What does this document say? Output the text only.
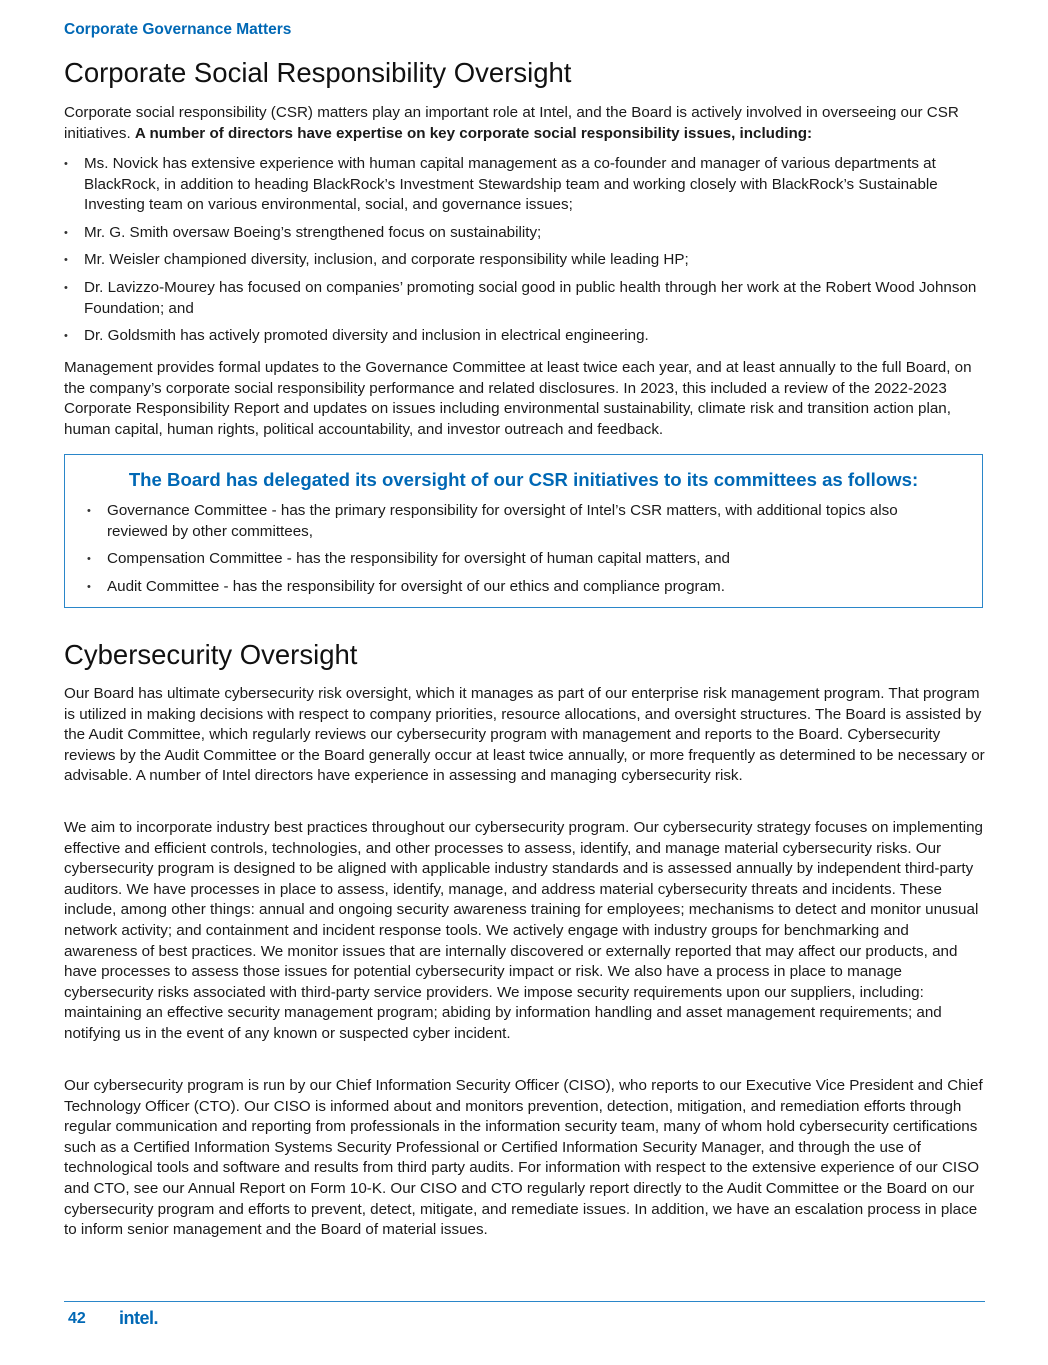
Corporate Governance Matters
Corporate Social Responsibility Oversight

Corporate social responsibility (CSR) matters play an important role at Intel, and the Board is actively involved in overseeing our CSR initiatives. A number of directors have expertise on key corporate social responsibility issues, including:

• Ms. Novick has extensive experience with human capital management as a co-founder and manager of various departments at BlackRock, in addition to heading BlackRock’s Investment Stewardship team and working closely with BlackRock’s Sustainable Investing team on various environmental, social, and governance issues;
• Mr. G. Smith oversaw Boeing’s strengthened focus on sustainability;
• Mr. Weisler championed diversity, inclusion, and corporate responsibility while leading HP;
• Dr. Lavizzo-Mourey has focused on companies’ promoting social good in public health through her work at the Robert Wood Johnson Foundation; and
• Dr. Goldsmith has actively promoted diversity and inclusion in electrical engineering.

Management provides formal updates to the Governance Committee at least twice each year, and at least annually to the full Board, on the company’s corporate social responsibility performance and related disclosures. In 2023, this included a review of the 2022-2023 Corporate Responsibility Report and updates on issues including environmental sustainability, climate risk and transition action plan, human capital, human rights, political accountability, and investor outreach and feedback.

The Board has delegated its oversight of our CSR initiatives to its committees as follows:

• Governance Committee - has the primary responsibility for oversight of Intel’s CSR matters, with additional topics also reviewed by other committees,
• Compensation Committee - has the responsibility for oversight of human capital matters, and
• Audit Committee - has the responsibility for oversight of our ethics and compliance program.
Cybersecurity Oversight

Our Board has ultimate cybersecurity risk oversight, which it manages as part of our enterprise risk management program. That program is utilized in making decisions with respect to company priorities, resource allocations, and oversight structures. The Board is assisted by the Audit Committee, which regularly reviews our cybersecurity program with management and reports to the Board. Cybersecurity reviews by the Audit Committee or the Board generally occur at least twice annually, or more frequently as determined to be necessary or advisable. A number of Intel directors have experience in assessing and managing cybersecurity risk.

We aim to incorporate industry best practices throughout our cybersecurity program. Our cybersecurity strategy focuses on implementing effective and efficient controls, technologies, and other processes to assess, identify, and manage material cybersecurity risks. Our cybersecurity program is designed to be aligned with applicable industry standards and is assessed annually by independent third-party auditors. We have processes in place to assess, identify, manage, and address material cybersecurity threats and incidents. These include, among other things: annual and ongoing security awareness training for employees; mechanisms to detect and monitor unusual network activity; and containment and incident response tools. We actively engage with industry groups for benchmarking and awareness of best practices. We monitor issues that are internally discovered or externally reported that may affect our products, and have processes to assess those issues for potential cybersecurity impact or risk. We also have a process in place to manage cybersecurity risks associated with third-party service providers. We impose security requirements upon our suppliers, including: maintaining an effective security management program; abiding by information handling and asset management requirements; and notifying us in the event of any known or suspected cyber incident.

Our cybersecurity program is run by our Chief Information Security Officer (CISO), who reports to our Executive Vice President and Chief Technology Officer (CTO). Our CISO is informed about and monitors prevention, detection, mitigation, and remediation efforts through regular communication and reporting from professionals in the information security team, many of whom hold cybersecurity certifications such as a Certified Information Systems Security Professional or Certified Information Security Manager, and through the use of technological tools and software and results from third party audits. For information with respect to the extensive experience of our CISO and CTO, see our Annual Report on Form 10-K. Our CISO and CTO regularly report directly to the Audit Committee or the Board on our cybersecurity program and efforts to prevent, detect, mitigate, and remediate issues. In addition, we have an escalation process in place to inform senior management and the Board of material issues.

42 intel.
